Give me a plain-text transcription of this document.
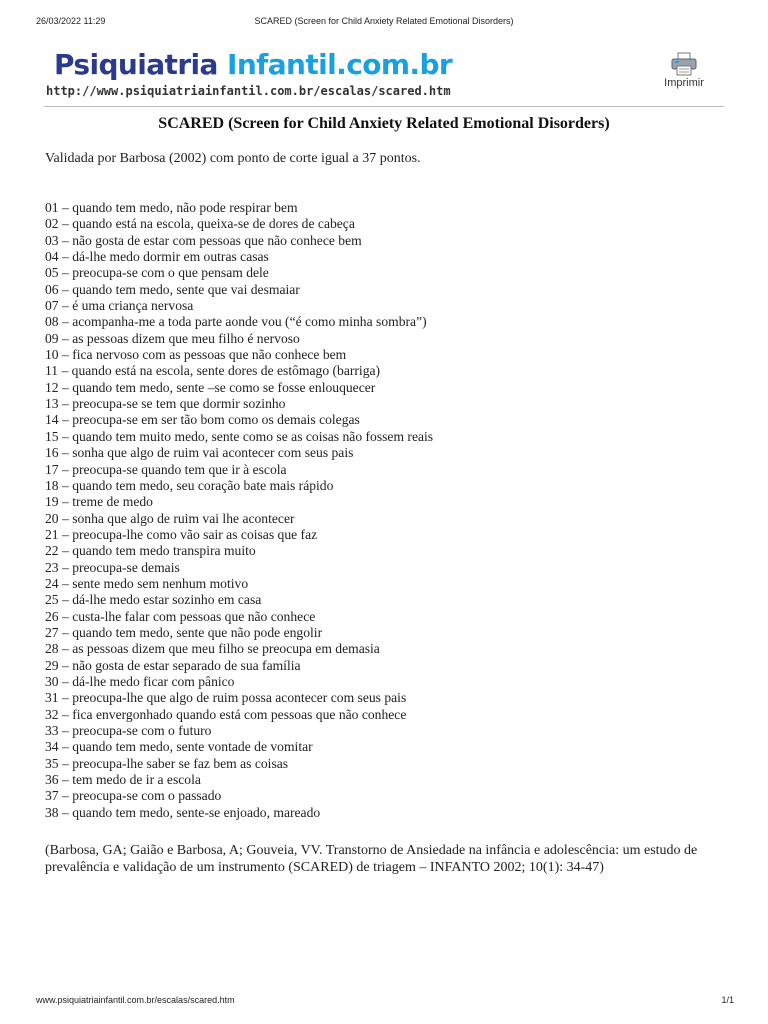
26/03/2022 11:29	SCARED (Screen for Child Anxiety Related Emotional Disorders)
Psiquiatria Infantil.com.br
Imprimir
http://www.psiquiatriainfantil.com.br/escalas/scared.htm
SCARED (Screen for Child Anxiety Related Emotional Disorders)
Validada por Barbosa (2002) com ponto de corte igual a 37 pontos.
01 – quando tem medo, não pode respirar bem
02 – quando está na escola, queixa-se de dores de cabeça
03 – não gosta de estar com pessoas que não conhece bem
04 – dá-lhe medo dormir em outras casas
05 – preocupa-se com o que pensam dele
06 – quando tem medo, sente que vai desmaiar
07 – é uma criança nervosa
08 – acompanha-me a toda parte aonde vou (“é como minha sombra”)
09 – as pessoas dizem que meu filho é nervoso
10 – fica nervoso com as pessoas que não conhece bem
11 – quando está na escola, sente dores de estômago (barriga)
12 – quando tem medo, sente –se como se fosse enlouquecer
13 – preocupa-se se tem que dormir sozinho
14 – preocupa-se em ser tão bom como os demais colegas
15 – quando tem muito medo, sente como se as coisas não fossem reais
16 – sonha que algo de ruim vai acontecer com seus pais
17 – preocupa-se quando tem que ir à escola
18 – quando tem medo, seu coração bate mais rápido
19 – treme de medo
20 – sonha que algo de ruim vai lhe acontecer
21 – preocupa-lhe como vão sair as coisas que faz
22 – quando tem medo transpira muito
23 – preocupa-se demais
24 – sente medo sem nenhum motivo
25 – dá-lhe medo estar sozinho em casa
26 – custa-lhe falar com pessoas que não conhece
27 – quando tem medo, sente que não pode engolir
28 – as pessoas dizem que meu filho se preocupa em demasia
29 – não gosta de estar separado de sua família
30 – dá-lhe medo ficar com pânico
31 – preocupa-lhe que algo de ruim possa acontecer com seus pais
32 – fica envergonhado quando está com pessoas que não conhece
33 – preocupa-se com o futuro
34 – quando tem medo, sente vontade de vomitar
35 – preocupa-lhe saber se faz bem as coisas
36 – tem medo de ir a escola
37 – preocupa-se com o passado
38 – quando tem medo, sente-se enjoado, mareado
(Barbosa, GA; Gaião e Barbosa, A; Gouveia, VV. Transtorno de Ansiedade na infância e adolescência: um estudo de prevalência e validação de um instrumento (SCARED) de triagem – INFANTO 2002; 10(1): 34-47)
www.psiquiatriainfantil.com.br/escalas/scared.htm	1/1
